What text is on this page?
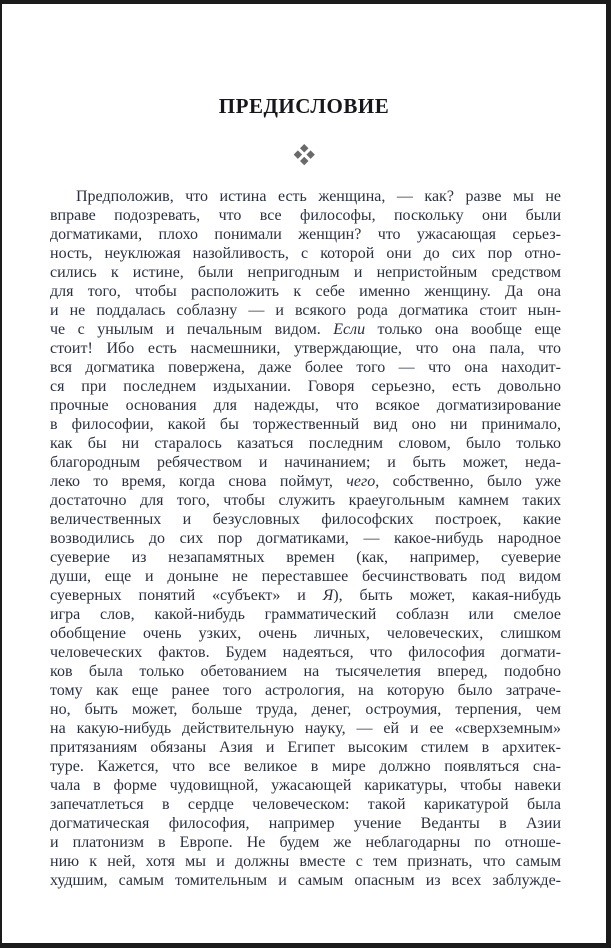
ПРЕДИСЛОВИЕ
Предположив, что истина есть женщина, — как? разве мы не
вправе подозревать, что все философы, поскольку они были
догматиками, плохо понимали женщин? что ужасающая серьез-
ность, неуклюжая назойливость, с которой они до сих пор отно-
сились к истине, были непригодным и непристойным средством
для того, чтобы расположить к себе именно женщину. Да она
и не поддалась соблазну — и всякого рода догматика стоит нын-
че с унылым и печальным видом. Если только она вообще еще
стоит! Ибо есть насмешники, утверждающие, что она пала, что
вся догматика повержена, даже более того — что она находит-
ся при последнем издыхании. Говоря серьезно, есть довольно
прочные основания для надежды, что всякое догматизирование
в философии, какой бы торжественный вид оно ни принимало,
как бы ни старалось казаться последним словом, было только
благородным ребячеством и начинанием; и быть может, неда-
леко то время, когда снова поймут, чего, собственно, было уже
достаточно для того, чтобы служить краеугольным камнем таких
величественных и безусловных философских построек, какие
возводились до сих пор догматиками, — какое-нибудь народное
суеверие из незапамятных времен (как, например, суеверие
души, еще и доныне не переставшее бесчинствовать под видом
суеверных понятий «субъект» и Я), быть может, какая-нибудь
игра слов, какой-нибудь грамматический соблазн или смелое
обобщение очень узких, очень личных, человеческих, слишком
человеческих фактов. Будем надеяться, что философия догмати-
ков была только обетованием на тысячелетия вперед, подобно
тому как еще ранее того астрология, на которую было затраче-
но, быть может, больше труда, денег, остроумия, терпения, чем
на какую-нибудь действительную науку, — ей и ее «сверхземным»
притязаниям обязаны Азия и Египет высоким стилем в архитек-
туре. Кажется, что все великое в мире должно появляться сна-
чала в форме чудовищной, ужасающей карикатуры, чтобы навеки
запечатлеться в сердце человеческом: такой карикатурой была
догматическая философия, например учение Веданты в Азии
и платонизм в Европе. Не будем же неблагодарны по отноше-
нию к ней, хотя мы и должны вместе с тем признать, что самым
худшим, самым томительным и самым опасным из всех заблужде-
